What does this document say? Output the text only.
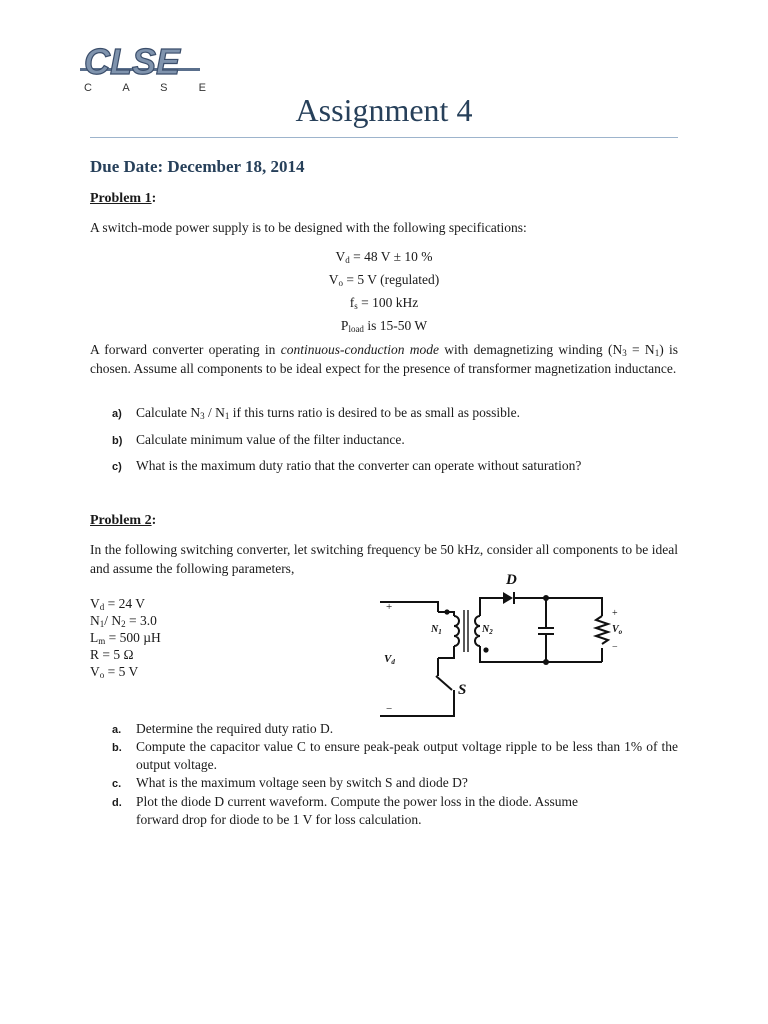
CLSE
C A S E
Assignment 4
Due Date: December 18, 2014
Problem 1:
A switch-mode power supply is to be designed with the following specifications:
$V_d = 48$ V ± 10 %
$V_o = 5$ V (regulated)
$f_s = 100$ kHz
$P_{load}$ is 15-50 W
A forward converter operating in continuous-conduction mode with demagnetizing winding $(N_3 = N_1)$ is chosen. Assume all components to be ideal expect for the presence of transformer magnetization inductance.
a) Calculate $N_3 / N_1$ if this turns ratio is desired to be as small as possible.
b) Calculate minimum value of the filter inductance.
c) What is the maximum duty ratio that the converter can operate without saturation?
Problem 2:
In the following switching converter, let switching frequency be 50 kHz, consider all components to be ideal and assume the following parameters,
$V_d = 24$ V
$N_1/$ $N_2 = 3.0$
$L_m = 500$ µH
R = 5 Ω
$V_o = 5$ V
D
S
$N_1$	$N_2$
Vd
$V_o$
+
−
+
−
a. Determine the required duty ratio D.
b. Compute the capacitor value C to ensure peak-peak output voltage ripple to be less than 1% of the output voltage.
c. What is the maximum voltage seen by switch S and diode D?
d. Plot the diode D current waveform. Compute the power loss in the diode. Assume forward drop for diode to be 1 V for loss calculation.
